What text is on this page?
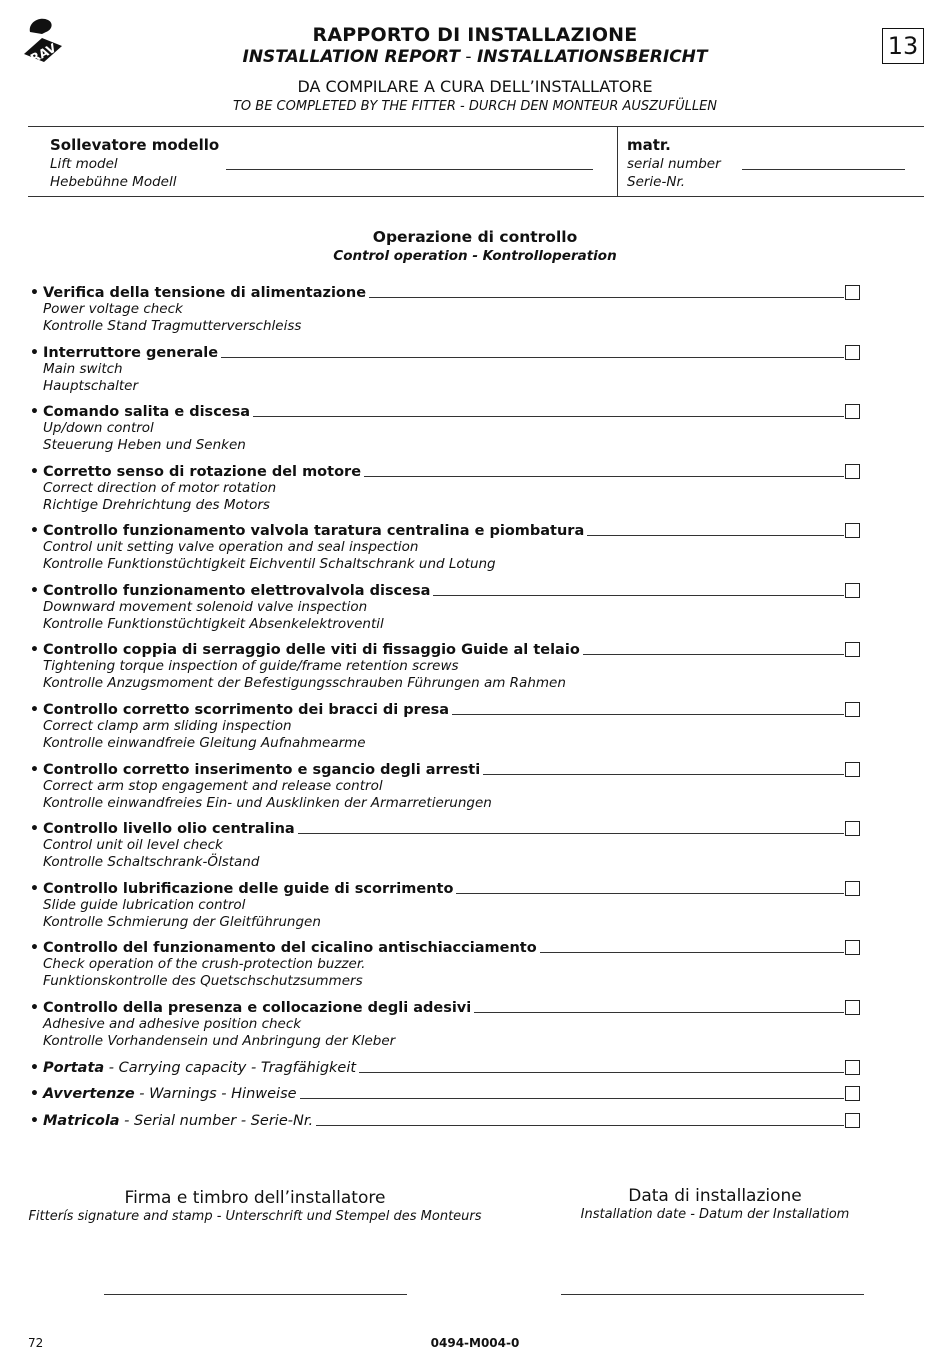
RAV
RAPPORTO DI INSTALLAZIONE
INSTALLATION REPORT - INSTALLATIONSBERICHT
DA COMPILARE A CURA DELL’INSTALLATORE
TO BE COMPLETED BY THE FITTER - DURCH DEN MONTEUR AUSZUFÜLLEN
13
Sollevatore modello
Lift model
Hebebühne Modell
matr.
serial number
Serie-Nr.
Operazione di controllo
Control operation - Kontrolloperation
• Verifica della tensione di alimentazione
Power voltage check
Kontrolle Stand Tragmutterverschleiss
• Interruttore generale
Main switch
Hauptschalter
• Comando salita e discesa
Up/down control
Steuerung Heben und Senken
• Corretto senso di rotazione del motore
Correct direction of motor rotation
Richtige Drehrichtung des Motors
• Controllo funzionamento valvola taratura centralina e piombatura
Control unit setting valve operation and seal inspection
Kontrolle Funktionstüchtigkeit Eichventil Schaltschrank und Lotung
• Controllo funzionamento elettrovalvola discesa
Downward movement solenoid valve inspection
Kontrolle Funktionstüchtigkeit Absenkelektroventil
• Controllo coppia di serraggio delle viti di fissaggio Guide al telaio
Tightening torque inspection of guide/frame retention screws
Kontrolle Anzugsmoment der Befestigungsschrauben Führungen am Rahmen
• Controllo corretto scorrimento dei bracci di presa
Correct clamp arm sliding inspection
Kontrolle einwandfreie Gleitung Aufnahmearme
• Controllo corretto inserimento e sgancio degli arresti
Correct arm stop engagement and release control
Kontrolle einwandfreies Ein- und Ausklinken der Armarretierungen
• Controllo livello olio centralina
Control unit oil level check
Kontrolle Schaltschrank-Ölstand
• Controllo lubrificazione delle guide di scorrimento
Slide guide lubrication control
Kontrolle Schmierung der Gleitführungen
• Controllo del funzionamento del cicalino antischiacciamento
Check operation of the crush-protection buzzer.
Funktionskontrolle des Quetschschutzsummers
• Controllo della presenza e collocazione degli adesivi
Adhesive and adhesive position check
Kontrolle Vorhandensein und Anbringung der Kleber
• Portata - Carrying capacity - Tragfähigkeit
• Avvertenze - Warnings - Hinweise
• Matricola - Serial number - Serie-Nr.
Firma e timbro dell’installatore
Fitterís signature and stamp - Unterschrift und Stempel des Monteurs
Data di installazione
Installation date - Datum der Installatiom
72	0494-M004-0
